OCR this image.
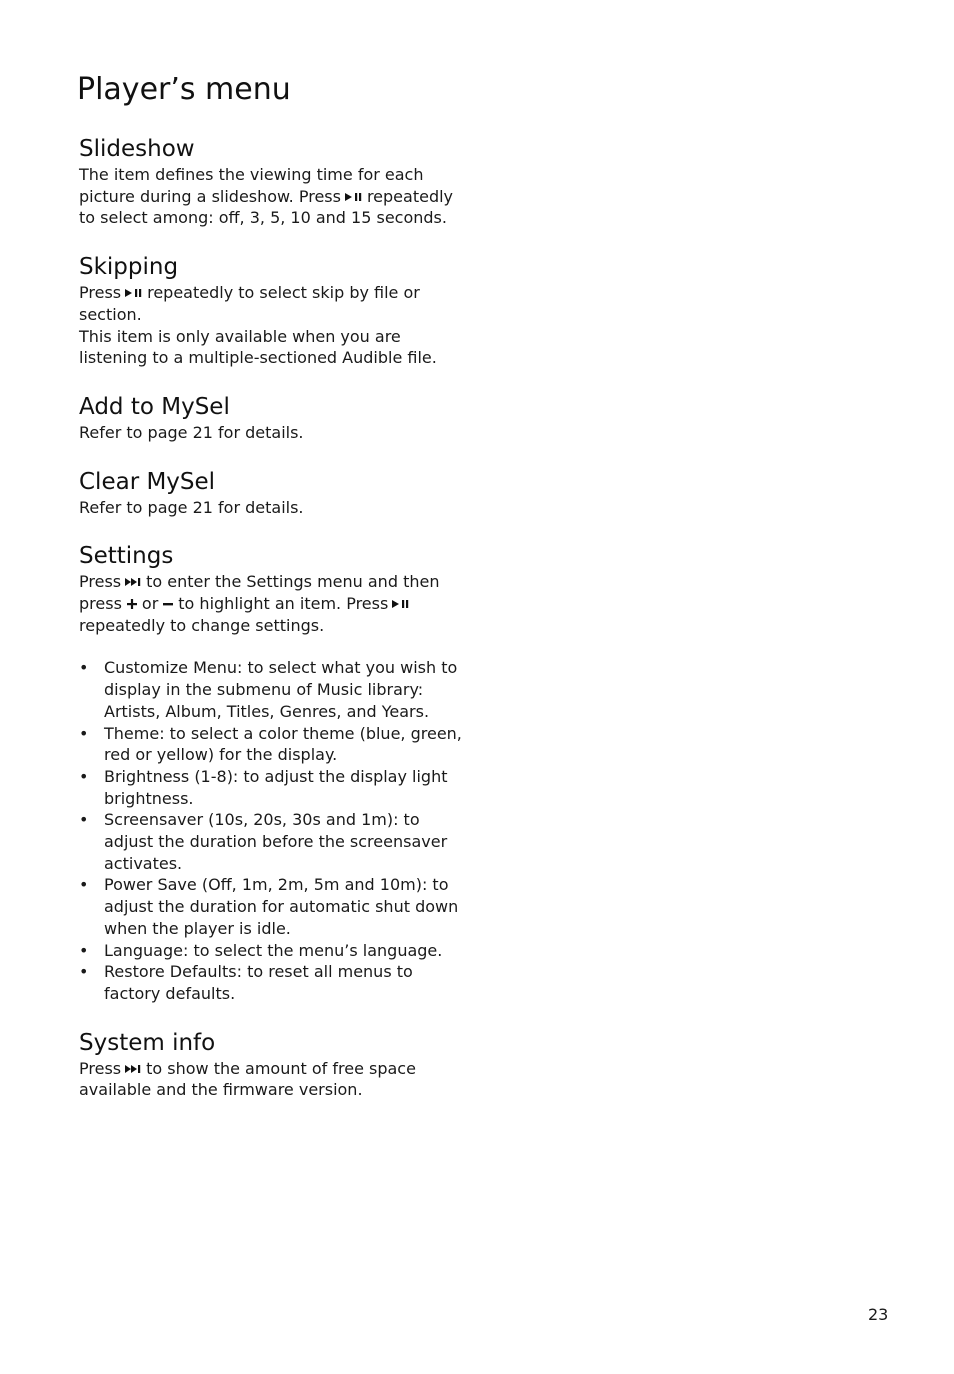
Player’s menu
Slideshow

The item defines the viewing time for each picture during a slideshow. Press repeatedly to select among: off, 3, 5, 10 and 15 seconds.

Skipping

Press repeatedly to select skip by file or section.

This item is only available when you are listening to a multiple-sectioned Audible file.

Add to MySel

Refer to page 21 for details.

Clear MySel

Refer to page 21 for details.

Settings

Press to enter the Settings menu and then press or to highlight an item. Press
repeatedly to change settings.

• Customize Menu: to select what you wish to display in the submenu of Music library: Artists, Album, Titles, Genres, and Years.
• Theme: to select a color theme (blue, green, red or yellow) for the display.
• Brightness (1-8): to adjust the display light brightness.
• Screensaver (10s, 20s, 30s and 1m): to adjust the duration before the screensaver activates.
• Power Save (Off, 1m, 2m, 5m and 10m): to adjust the duration for automatic shut down when the player is idle.
• Language: to select the menu’s language.
• Restore Defaults: to reset all menus to factory defaults.
System info

Press to show the amount of free space available and the firmware version.

23
